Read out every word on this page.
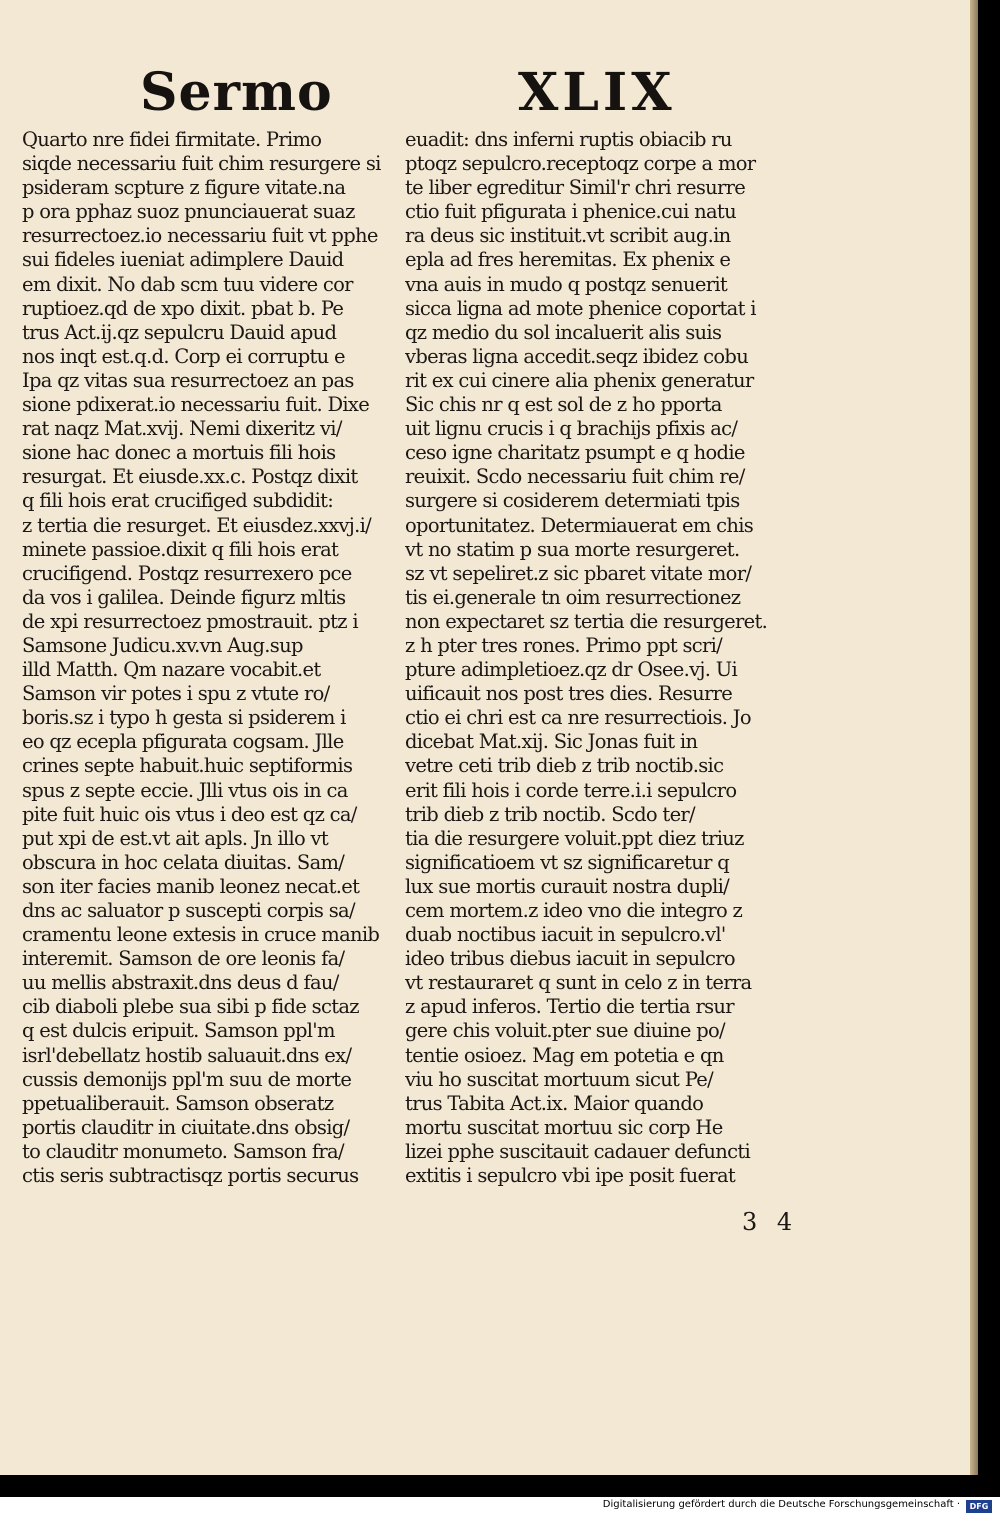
Sermo	XLIX
Quarto nre fidei firmitate. Primo
siqde necessariu fuit chim resurgere si
psideram scpture z figure vitate.na
p ora pphaz suoz pnunciauerat suaz
resurrectoez.io necessariu fuit vt pphe
sui fideles iueniat adimplere Dauid
em dixit. No dab scm tuu videre cor
ruptioez.qd de xpo dixit. pbat b. Pe
trus Act.ij.qz sepulcru Dauid apud
nos inqt est.q.d. Corp ei corruptu e
Ipa qz vitas sua resurrectoez an pas
sione pdixerat.io necessariu fuit. Dixe
rat naqz Mat.xvij. Nemi dixeritz vi/
sione hac donec a mortuis fili hois
resurgat. Et eiusde.xx.c. Postqz dixit
q fili hois erat crucifiged subdidit:
z tertia die resurget. Et eiusdez.xxvj.i/
minete passioe.dixit q fili hois erat
crucifigend. Postqz resurrexero pce
da vos i galilea. Deinde figurz mltis
de xpi resurrectoez pmostrauit. ptz i
Samsone Judicu.xv.vn Aug.sup
illd Matth. Qm nazare vocabit.et
Samson vir potes i spu z vtute ro/
boris.sz i typo h gesta si psiderem i
eo qz ecepla pfigurata cogsam. Jlle
crines septe habuit.huic septiformis
spus z septe eccie. Jlli vtus ois in ca
pite fuit huic ois vtus i deo est qz ca/
put xpi de est.vt ait apls. Jn illo vt
obscura in hoc celata diuitas. Sam/
son iter facies manib leonez necat.et
dns ac saluator p suscepti corpis sa/
cramentu leone extesis in cruce manib
interemit. Samson de ore leonis fa/
uu mellis abstraxit.dns deus d fau/
cib diaboli plebe sua sibi p fide sctaz
q est dulcis eripuit. Samson ppl'm
isrl'debellatz hostib saluauit.dns ex/
cussis demonijs ppl'm suu de morte
ppetualiberauit. Samson obseratz
portis clauditr in ciuitate.dns obsig/
to clauditr monumeto. Samson fra/
ctis seris subtractisqz portis securus
euadit: dns inferni ruptis obiacib ru
ptoqz sepulcro.receptoqz corpe a mor
te liber egreditur Simil'r chri resurre
ctio fuit pfigurata i phenice.cui natu
ra deus sic instituit.vt scribit aug.in
epla ad fres heremitas. Ex phenix e
vna auis in mudo q postqz senuerit
sicca ligna ad mote phenice coportat i
qz medio du sol incaluerit alis suis
vberas ligna accedit.seqz ibidez cobu
rit ex cui cinere alia phenix generatur
Sic chis nr q est sol de z ho pporta
uit lignu crucis i q brachijs pfixis ac/
ceso igne charitatz psumpt e q hodie
reuixit. Scdo necessariu fuit chim re/
surgere si cosiderem determiati tpis
oportunitatez. Determiauerat em chis
vt no statim p sua morte resurgeret.
sz vt sepeliret.z sic pbaret vitate mor/
tis ei.generale tn oim resurrectionez
non expectaret sz tertia die resurgeret.
z h pter tres rones. Primo ppt scri/
pture adimpletioez.qz dr Osee.vj. Ui
uificauit nos post tres dies. Resurre
ctio ei chri est ca nre resurrectiois. Jo
dicebat Mat.xij. Sic Jonas fuit in
vetre ceti trib dieb z trib noctib.sic
erit fili hois i corde terre.i.i sepulcro
trib dieb z trib noctib. Scdo ter/
tia die resurgere voluit.ppt diez triuz
significatioem vt sz significaretur q
lux sue mortis curauit nostra dupli/
cem mortem.z ideo vno die integro z
duab noctibus iacuit in sepulcro.vl'
ideo tribus diebus iacuit in sepulcro
vt restauraret q sunt in celo z in terra
z apud inferos. Tertio die tertia rsur
gere chis voluit.pter sue diuine po/
tentie osioez. Mag em potetia e qn
viu ho suscitat mortuum sicut Pe/
trus Tabita Act.ix. Maior quando
mortu suscitat mortuu sic corp He
lizei pphe suscitauit cadauer defuncti
extitis i sepulcro vbi ipe posit fuerat
3 4
Digitalisierung gefördert durch die Deutsche Forschungsgemeinschaft ·	DFG
